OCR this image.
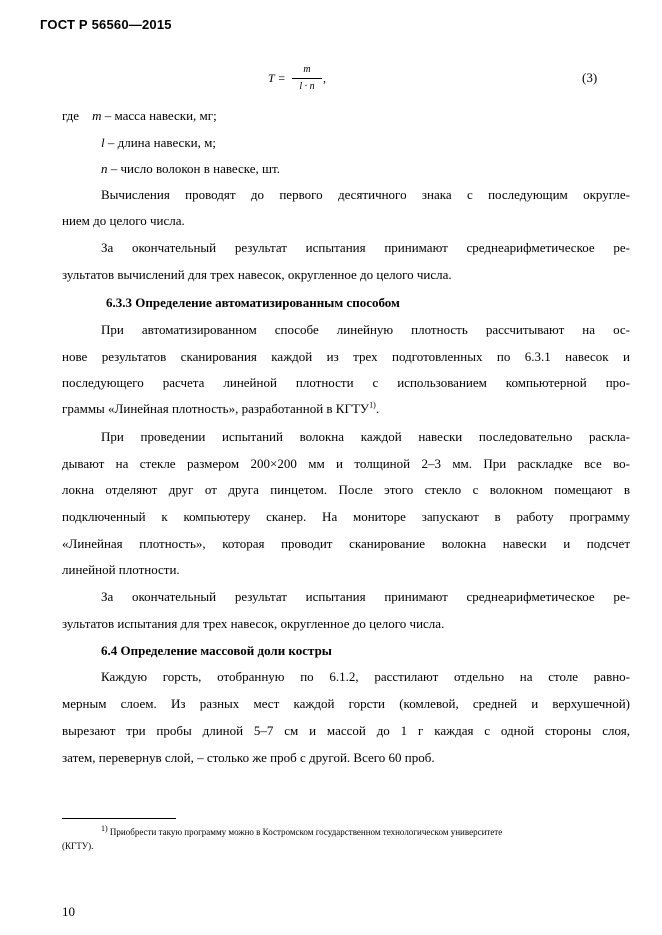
ГОСТ Р 56560—2015
T =
m
l · n
,	(3)
где m – масса навески, мг;
l – длина навески, м;
n – число волокон в навеске, шт.
Вычисления проводят до первого десятичного знака с последующим округле-
нием до целого числа.
За окончательный результат испытания принимают среднеарифметическое ре-
зультатов вычислений для трех навесок, округленное до целого числа.
6.3.3 Определение автоматизированным способом
При автоматизированном способе линейную плотность рассчитывают на ос-
нове результатов сканирования каждой из трех подготовленных по 6.3.1 навесок и
последующего расчета линейной плотности с использованием компьютерной про-
граммы «Линейная плотность», разработанной в КГТУ$^{1)}$.
При проведении испытаний волокна каждой навески последовательно раскла-
дывают на стекле размером 200×200 мм и толщиной 2–3 мм. При раскладке все во-
локна отделяют друг от друга пинцетом. После этого стекло с волокном помещают в
подключенный к компьютеру сканер. На мониторе запускают в работу программу
«Линейная плотность», которая проводит сканирование волокна навески и подсчет
линейной плотности.
За окончательный результат испытания принимают среднеарифметическое ре-
зультатов испытания для трех навесок, округленное до целого числа.
6.4 Определение массовой доли костры
Каждую горсть, отобранную по 6.1.2, расстилают отдельно на столе равно-
мерным слоем. Из разных мест каждой горсти (комлевой, средней и верхушечной)
вырезают три пробы длиной 5–7 см и массой до 1 г каждая с одной стороны слоя,
затем, перевернув слой, – столько же проб с другой. Всего 60 проб.
$^{1)}$ Приобрести такую программу можно в Костромском государственном технологическом университете
(КГТУ).
10
